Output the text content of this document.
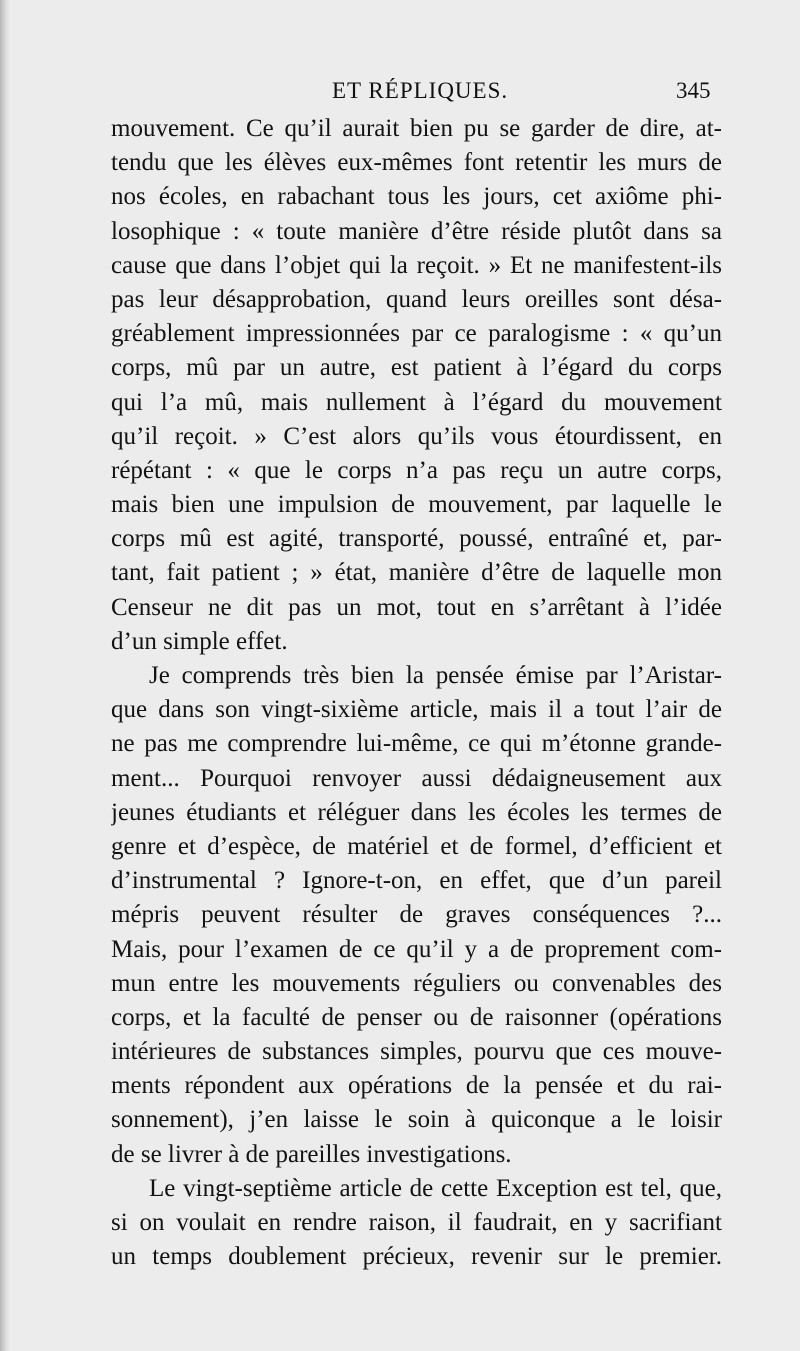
ET RÉPLIQUES.	345
mouvement. Ce qu’il aurait bien pu se garder de dire, at-
tendu que les élèves eux-mêmes font retentir les murs de
nos écoles, en rabachant tous les jours, cet axiôme phi-
losophique : « toute manière d’être réside plutôt dans sa
cause que dans l’objet qui la reçoit. » Et ne manifestent-ils
pas leur désapprobation, quand leurs oreilles sont désa-
gréablement impressionnées par ce paralogisme : « qu’un
corps, mû par un autre, est patient à l’égard du corps
qui l’a mû, mais nullement à l’égard du mouvement
qu’il reçoit. » C’est alors qu’ils vous étourdissent, en
répétant : « que le corps n’a pas reçu un autre corps,
mais bien une impulsion de mouvement, par laquelle le
corps mû est agité, transporté, poussé, entraîné et, par-
tant, fait patient ; » état, manière d’être de laquelle mon
Censeur ne dit pas un mot, tout en s’arrêtant à l’idée
d’un simple effet.
Je comprends très bien la pensée émise par l’Aristar-
que dans son vingt-sixième article, mais il a tout l’air de
ne pas me comprendre lui-même, ce qui m’étonne grande-
ment... Pourquoi renvoyer aussi dédaigneusement aux
jeunes étudiants et réléguer dans les écoles les termes de
genre et d’espèce, de matériel et de formel, d’efficient et
d’instrumental ? Ignore-t-on, en effet, que d’un pareil
mépris peuvent résulter de graves conséquences ?...
Mais, pour l’examen de ce qu’il y a de proprement com-
mun entre les mouvements réguliers ou convenables des
corps, et la faculté de penser ou de raisonner (opérations
intérieures de substances simples, pourvu que ces mouve-
ments répondent aux opérations de la pensée et du rai-
sonnement), j’en laisse le soin à quiconque a le loisir
de se livrer à de pareilles investigations.
Le vingt-septième article de cette Exception est tel, que,
si on voulait en rendre raison, il faudrait, en y sacrifiant
un temps doublement précieux, revenir sur le premier.
